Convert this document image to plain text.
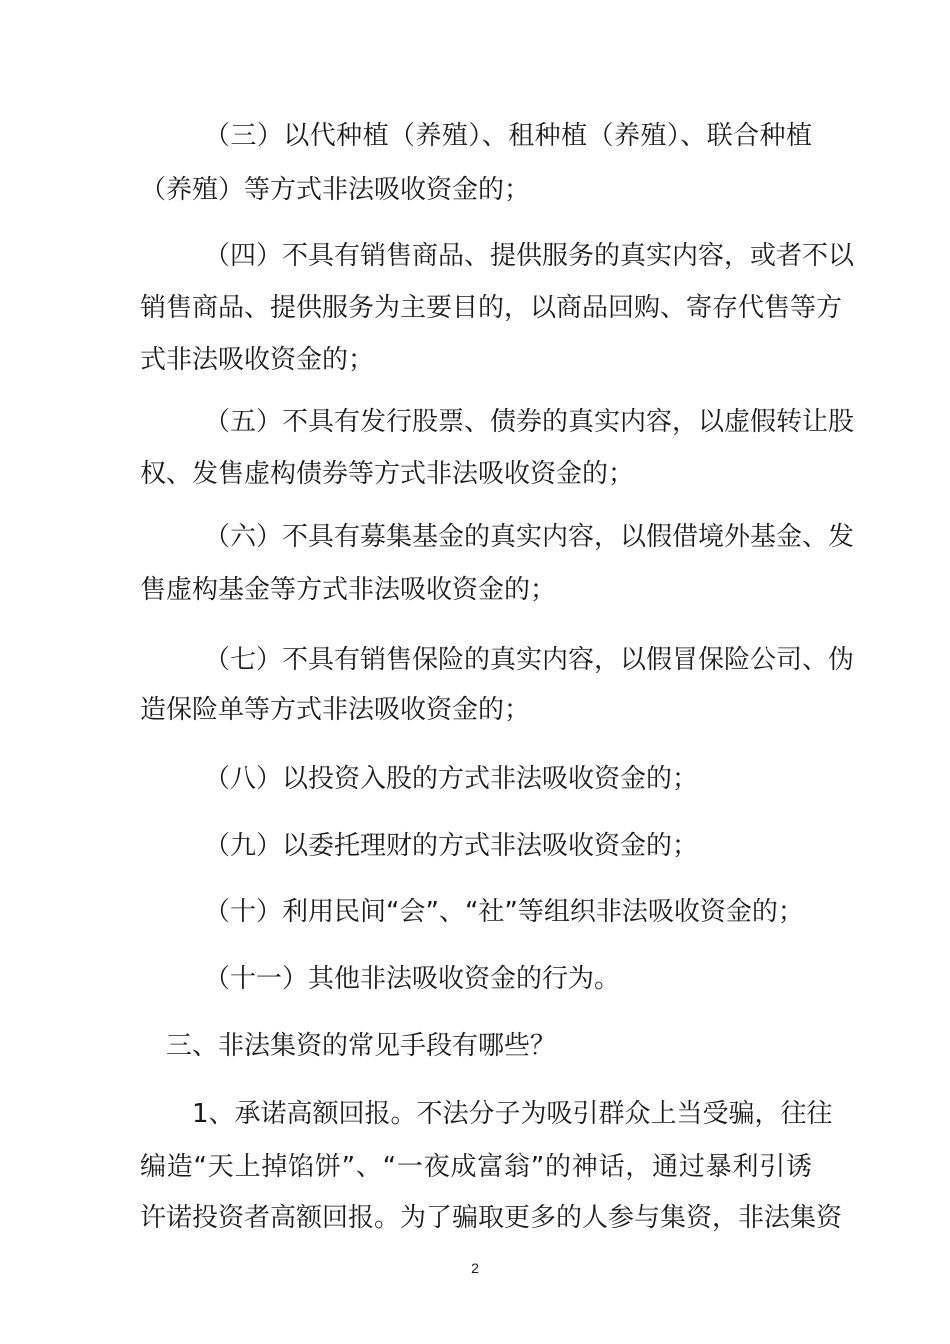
（三）以代种植（养殖）、租种植（养殖）、联合种植
（养殖）等方式非法吸收资金的；
（四）不具有销售商品、提供服务的真实内容，或者不以
销售商品、提供服务为主要目的，以商品回购、寄存代售等方
式非法吸收资金的；
（五）不具有发行股票、债券的真实内容，以虚假转让股
权、发售虚构债券等方式非法吸收资金的；
（六）不具有募集基金的真实内容，以假借境外基金、发
售虚构基金等方式非法吸收资金的；
（七）不具有销售保险的真实内容，以假冒保险公司、伪
造保险单等方式非法吸收资金的；
（八）以投资入股的方式非法吸收资金的；
（九）以委托理财的方式非法吸收资金的；
（十）利用民间“会”、“社”等组织非法吸收资金的；
（十一）其他非法吸收资金的行为。
三、非法集资的常见手段有哪些？
1、承诺高额回报。不法分子为吸引群众上当受骗，往往
编造“天上掉馅饼”、“一夜成富翁”的神话，通过暴利引诱
许诺投资者高额回报。为了骗取更多的人参与集资，非法集资
2
